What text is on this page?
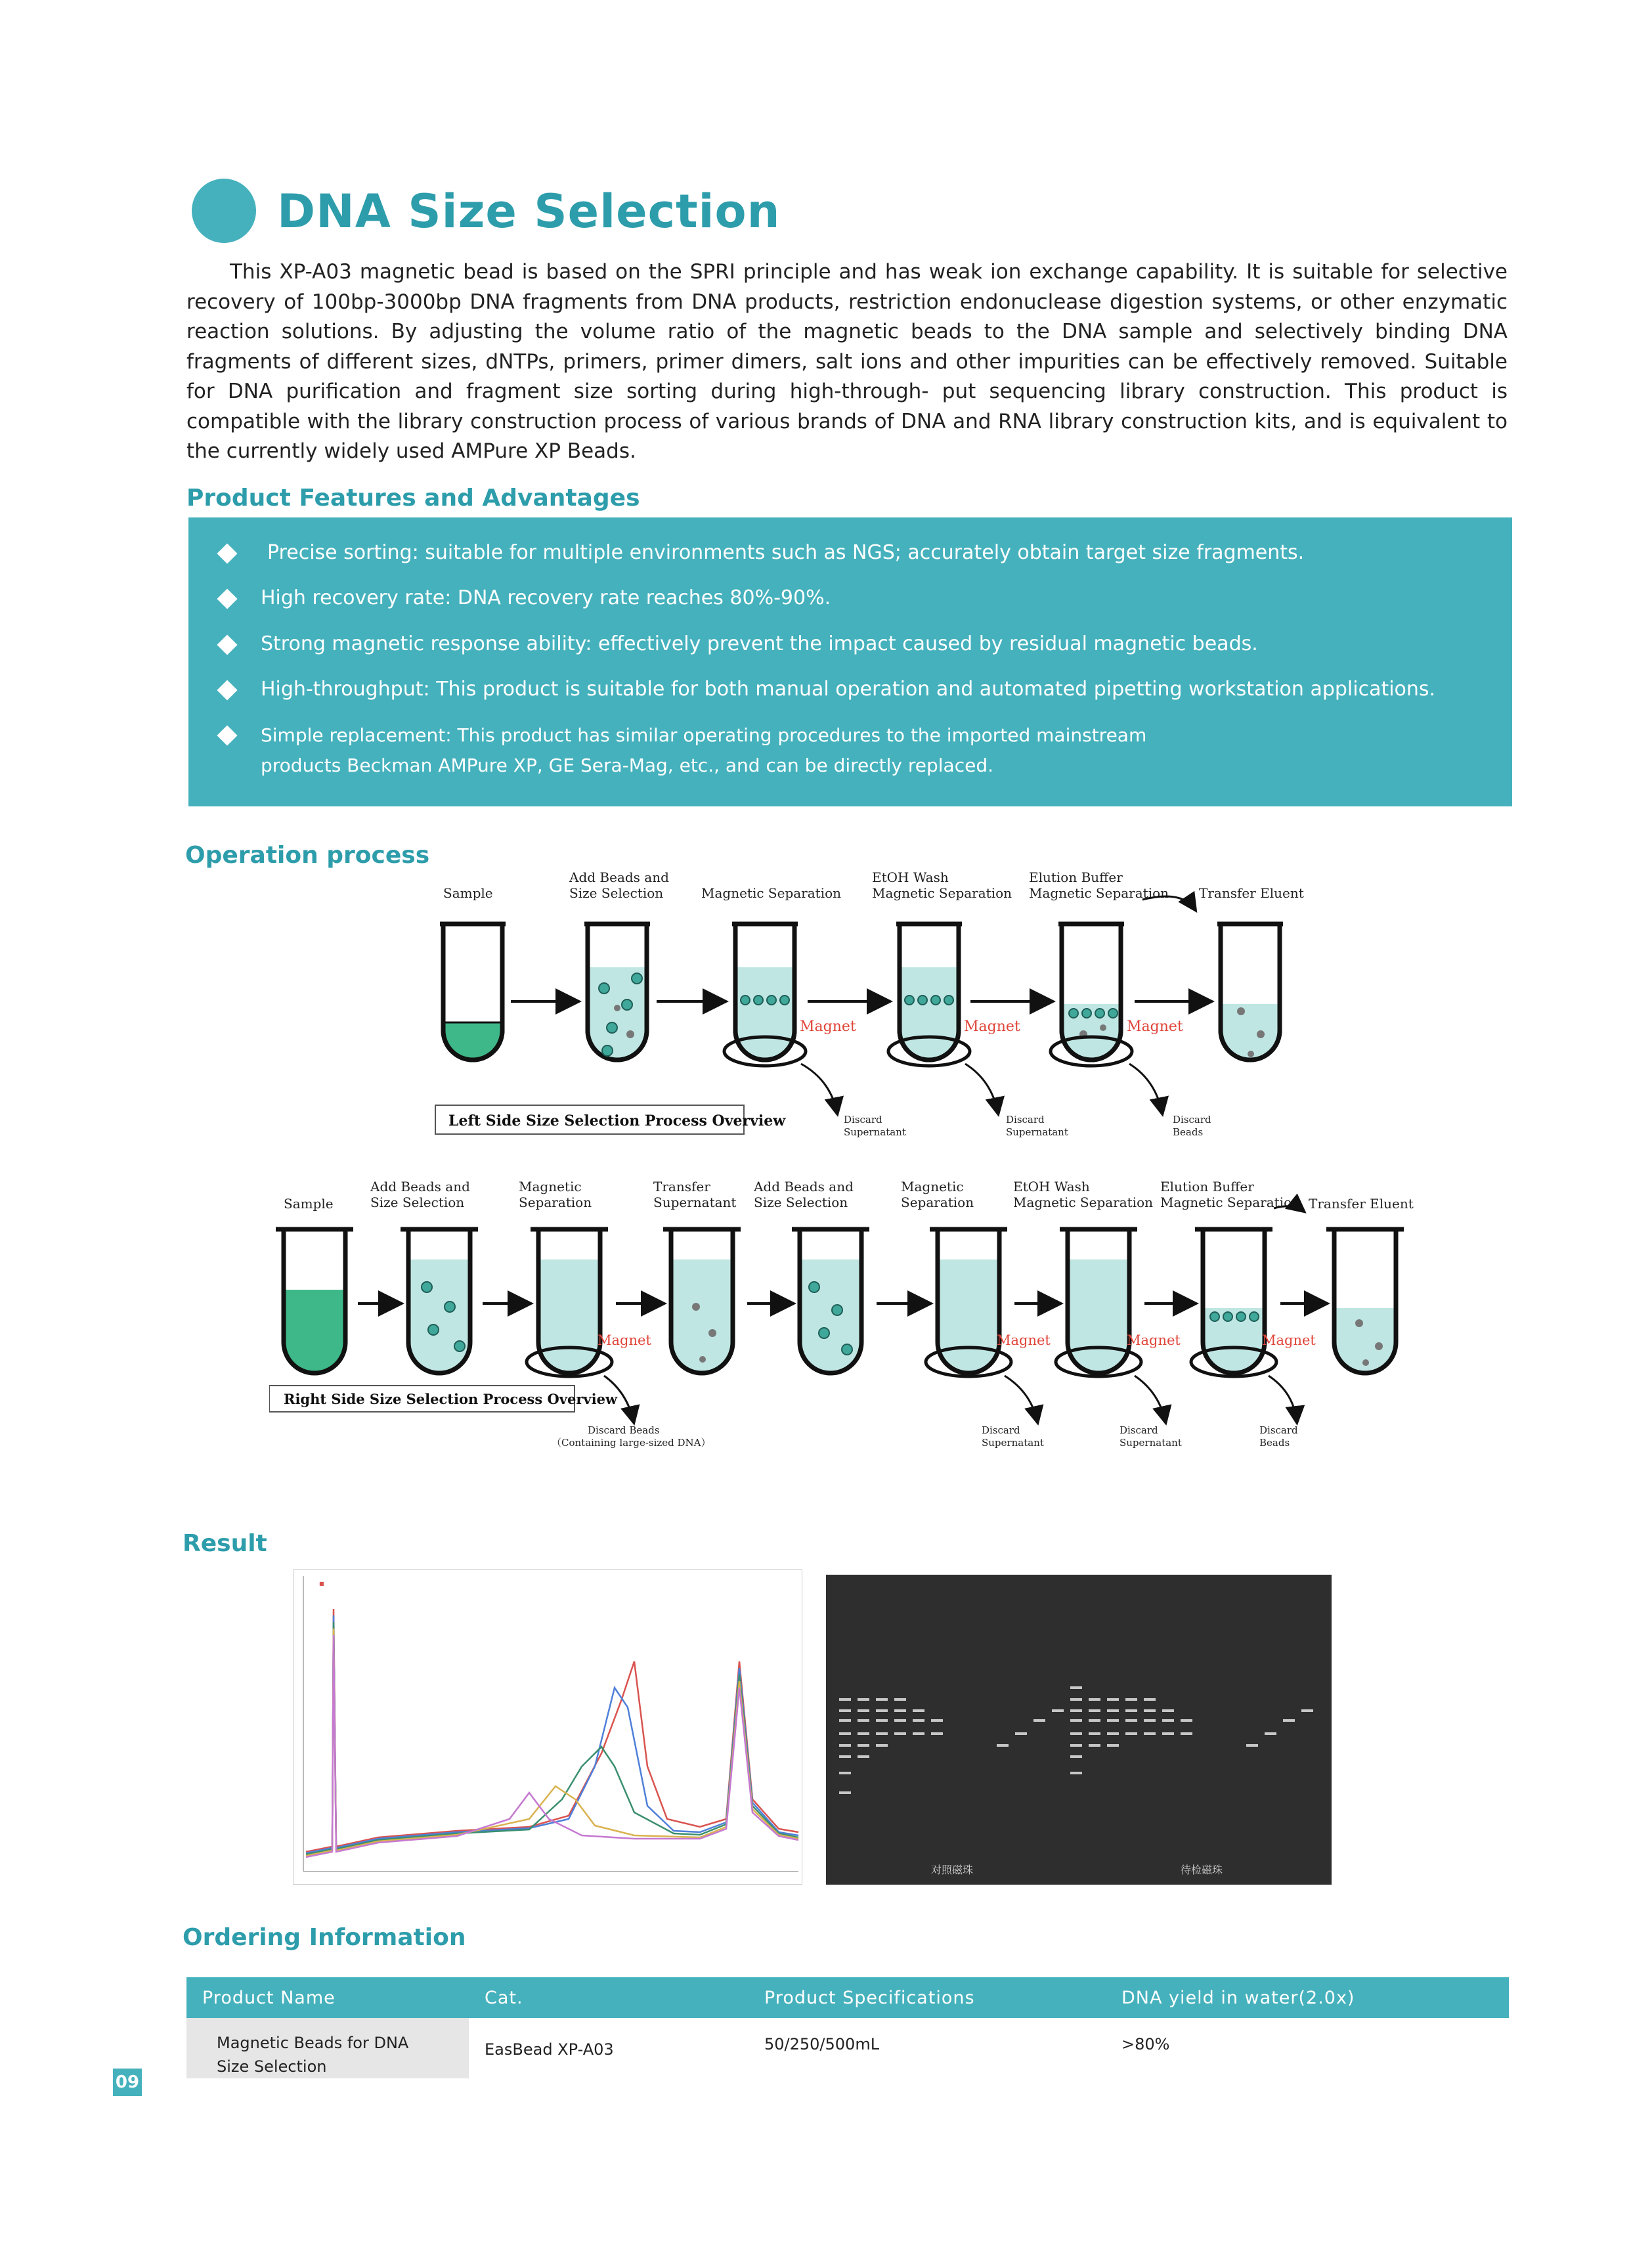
DNA Size Selection

This XP-A03 magnetic bead is based on the SPRI principle and has weak ion exchange capability. It is suitable for selective recovery of 100bp-3000bp DNA fragments from DNA products, restriction endonuclease digestion systems, or other enzymatic reaction solutions. By adjusting the volume ratio of the magnetic beads to the DNA sample and selectively binding DNA fragments of different sizes, dNTPs, primers, primer dimers, salt ions and other impurities can be effectively removed. Suitable for DNA purification and fragment size sorting during high-through- put sequencing library construction. This product is compatible with the library construction process of various brands of DNA and RNA library construction kits, and is equivalent to the currently widely used AMPure XP Beads.

Product Features and Advantages
Precise sorting: suitable for multiple environments such as NGS; accurately obtain target size fragments.
High recovery rate: DNA recovery rate reaches 80%-90%.
Strong magnetic response ability: effectively prevent the impact caused by residual magnetic beads.
High-throughput: This product is suitable for both manual operation and automated pipetting workstation applications.
Simple replacement: This product has similar operating procedures to the imported mainstream
products Beckman AMPure XP, GE Sera-Mag, etc., and can be directly replaced.
Operation process
Sample
Add Beads and
Size Selection	Magnetic Separation
EtOH Wash
Magnetic Separation
Elution Buffer
Magnetic Separation Transfer Eluent
Magnet	Magnet	Magnet
Discard
Supernatant
Discard
Supernatant
Discard
Beads
Left Side Size Selection Process Overview
Sample
Add Beads and
Size Selection
Magnetic
Separation
Transfer
Supernatant
Add Beads and
Size Selection
Magnetic
Separation
EtOH Wash
Magnetic Separation
Elution Buffer
Magnetic Separation Transfer Eluent
Magnet	Magnet	Magnet	Magnet
Discard Beads
（Containing large-sized DNA）
Discard
Supernatant
Discard
Supernatant
Discard
Beads
Right Side Size Selection Process Overview
Result
■
对照磁珠	待检磁珠
Ordering Information
Product Name	Cat.	Product Specifications	DNA yield in water(2.0x)
Magnetic Beads for DNA
Size Selection	EasBead XP-A03	50/250/500mL	>80%
09
